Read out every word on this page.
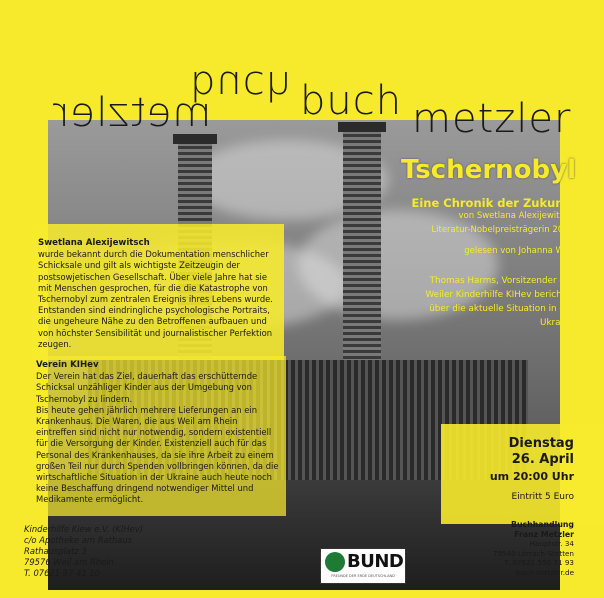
buch buch
metzler	metzler
Tschernobyl
Eine Chronik der Zukunft
von Swetlana Alexijewitsch
Literatur-Nobelpreisträgerin 2015
gelesen von Johanna Wolf
Thomas Harms, Vorsitzender der Weiler Kinderhilfe KIHev berichtet über die aktuelle Situation in der Ukraine
Swetlana Alexijewitsch
wurde bekannt durch die Dokumentation menschlicher Schicksale und gilt als wichtigste Zeitzeugin der postsowjetischen Gesellschaft. Über viele Jahre hat sie mit Menschen gesprochen, für die die Katastrophe von Tschernobyl zum zentralen Ereignis ihres Lebens wurde. Entstanden sind eindringliche psychologische Portraits, die ungeheure Nähe zu den Betroffenen aufbauen und von höchster Sensibilität und journalistischer Perfektion zeugen.
Verein KIHev
Der Verein hat das Ziel, dauerhaft das erschütternde Schicksal unzähliger Kinder aus der Umgebung von Tschernobyl zu lindern.
Bis heute gehen jährlich mehrere Lieferungen an ein Krankenhaus. Die Waren, die aus Weil am Rhein eintreffen sind nicht nur notwendig, sondern existentiell für die Versorgung der Kinder. Existenziell auch für das Personal des Krankenhauses, da sie ihre Arbeit zu einem großen Teil nur durch Spenden vollbringen können, da die wirtschaftliche Situation in der Ukraine auch heute noch keine Beschaffung dringend notwendiger Mittel und Medikamente ermöglicht.
Kinderhilfe Kiew e.V. (KIHev)
c/o Apotheke am Rathaus
Rathausplatz 3
79576 Weil am Rhein
T. 07621 97 41 10
Dienstag
26. April
um 20:00 Uhr
Eintritt 5 Euro
Buchhandlung
Franz Metzler
Hauptstr. 34
79540 Lörrach-Stetten
T. 07621 550 71 93
buch-metzler.de
BUND
FREUNDE DER ERDE DEUTSCHLAND
